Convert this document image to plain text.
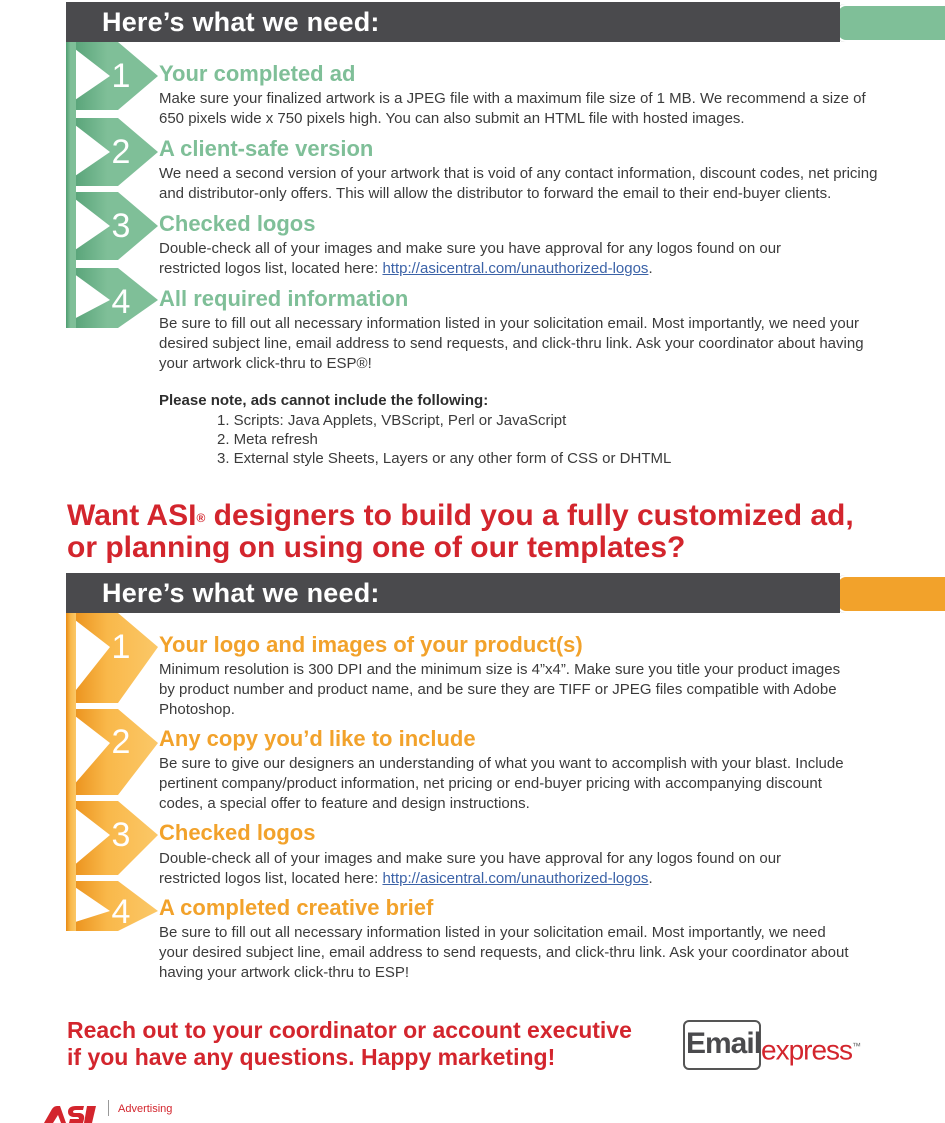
Here’s what we need:
1
2
3
4
Your completed ad
Make sure your finalized artwork is a JPEG file with a maximum file size of 1 MB. We recommend a size of 650 pixels wide x 750 pixels high. You can also submit an HTML file with hosted images.
A client-safe version
We need a second version of your artwork that is void of any contact information, discount codes, net pricing and distributor-only offers. This will allow the distributor to forward the email to their end-buyer clients.
Checked logos
Double-check all of your images and make sure you have approval for any logos found on our restricted logos list, located here: http://asicentral.com/unauthorized-logos.
All required information
Be sure to fill out all necessary information listed in your solicitation email. Most importantly, we need your desired subject line, email address to send requests, and click-thru link. Ask your coordinator about having your artwork click-thru to ESP®!
Please note, ads cannot include the following:
1. Scripts: Java Applets, VBScript, Perl or JavaScript
2. Meta refresh
3. External style Sheets, Layers or any other form of CSS or DHTML
Want ASI® designers to build you a fully customized ad,
or planning on using one of our templates?
Here’s what we need:
1
2
3
4
Your logo and images of your product(s)
Minimum resolution is 300 DPI and the minimum size is 4”x4”. Make sure you title your product images by product number and product name, and be sure they are TIFF or JPEG files compatible with Adobe Photoshop.
Any copy you’d like to include
Be sure to give our designers an understanding of what you want to accomplish with your blast. Include pertinent company/product information, net pricing or end-buyer pricing with accompanying discount codes, a special offer to feature and design instructions.
Checked logos
Double-check all of your images and make sure you have approval for any logos found on our restricted logos list, located here: http://asicentral.com/unauthorized-logos.
A completed creative brief
Be sure to fill out all necessary information listed in your solicitation email. Most importantly, we need your desired subject line, email address to send requests, and click-thru link. Ask your coordinator about having your artwork click-thru to ESP!
Reach out to your coordinator or account executive
if you have any questions. Happy marketing!	Email express™
Advertising
